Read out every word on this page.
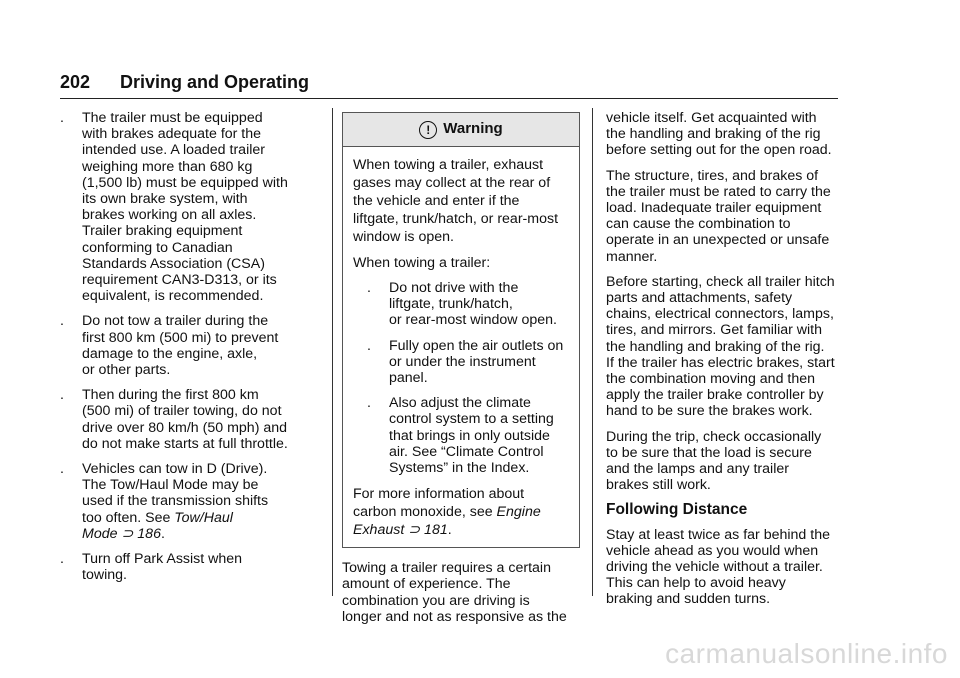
202 Driving and Operating
. The trailer must be equipped
with brakes adequate for the
intended use. A loaded trailer
weighing more than 680 kg
(1,500 lb) must be equipped with
its own brake system, with
brakes working on all axles.
Trailer braking equipment
conforming to Canadian
Standards Association (CSA)
requirement CAN3-D313, or its
equivalent, is recommended.
. Do not tow a trailer during the
first 800 km (500 mi) to prevent
damage to the engine, axle,
or other parts.
. Then during the first 800 km
(500 mi) of trailer towing, do not
drive over 80 km/h (50 mph) and
do not make starts at full throttle.
. Vehicles can tow in D (Drive).
The Tow/Haul Mode may be
used if the transmission shifts
too often. See Tow/Haul
Mode ⊃ 186.
. Turn off Park Assist when
towing.
! Warning
When towing a trailer, exhaust
gases may collect at the rear of
the vehicle and enter if the
liftgate, trunk/hatch, or rear-most
window is open.
When towing a trailer:
. Do not drive with the
liftgate, trunk/hatch,
or rear-most window open.
. Fully open the air outlets on
or under the instrument
panel.
. Also adjust the climate
control system to a setting
that brings in only outside
air. See “Climate Control
Systems” in the Index.
For more information about
carbon monoxide, see Engine
Exhaust ⊃ 181.
Towing a trailer requires a certain
amount of experience. The
combination you are driving is
longer and not as responsive as the
vehicle itself. Get acquainted with
the handling and braking of the rig
before setting out for the open road.
The structure, tires, and brakes of
the trailer must be rated to carry the
load. Inadequate trailer equipment
can cause the combination to
operate in an unexpected or unsafe
manner.
Before starting, check all trailer hitch
parts and attachments, safety
chains, electrical connectors, lamps,
tires, and mirrors. Get familiar with
the handling and braking of the rig.
If the trailer has electric brakes, start
the combination moving and then
apply the trailer brake controller by
hand to be sure the brakes work.
During the trip, check occasionally
to be sure that the load is secure
and the lamps and any trailer
brakes still work.
Following Distance
Stay at least twice as far behind the
vehicle ahead as you would when
driving the vehicle without a trailer.
This can help to avoid heavy
braking and sudden turns.
carmanualsonline.info
